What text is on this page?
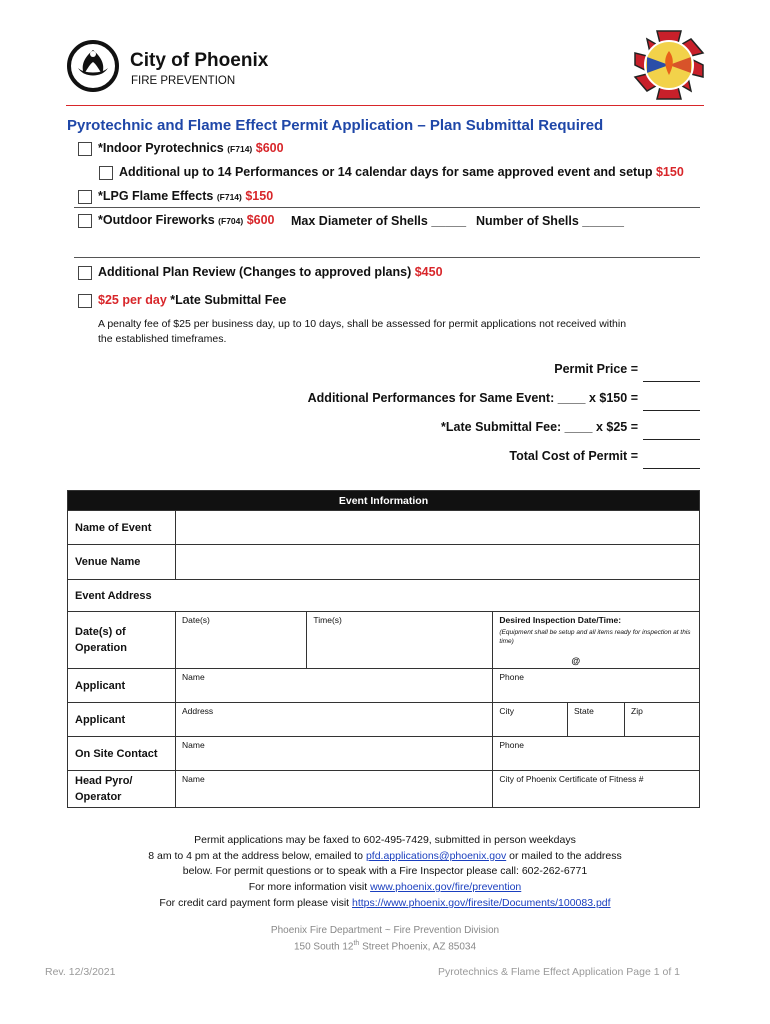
City of Phoenix
FIRE PREVENTION
Pyrotechnic and Flame Effect Permit Application – Plan Submittal Required
*Indoor Pyrotechnics (F714) $600
Additional up to 14 Performances or 14 calendar days for same approved event and setup $150
*LPG Flame Effects (F714) $150
*Outdoor Fireworks (F704) $600 Max Diameter of Shells _____ Number of Shells ______
Additional Plan Review (Changes to approved plans) $450
$25 per day *Late Submittal Fee
A penalty fee of $25 per business day, up to 10 days, shall be assessed for permit applications not received within
the established timeframes.
Permit Price =
Additional Performances for Same Event: ____ x $150 =
*Late Submittal Fee: ____ x $25 =
Total Cost of Permit =
Event Information					
Name of Event					
Venue Name					
Event Address					
Date(s) of Operation	Date(s)	Time(s)	Desired Inspection Date/Time:
(Equipment shall be setup and all items ready for inspection at this time)
@		

Applicant	Name		Phone		

Applicant	Address		City	State	Zip

On Site Contact	Name		Phone		

Head Pyro/ Operator	Name		City of Phoenix Certificate of Fitness #		
Permit applications may be faxed to 602-495-7429, submitted in person weekdays
8 am to 4 pm at the address below, emailed to pfd.applications@phoenix.gov or mailed to the address
below. For permit questions or to speak with a Fire Inspector please call: 602-262-6771
For more information visit www.phoenix.gov/fire/prevention
For credit card payment form please visit https://www.phoenix.gov/firesite/Documents/100083.pdf
Phoenix Fire Department ~ Fire Prevention Division
150 South 12th Street Phoenix, AZ 85034
Rev. 12/3/2021	Pyrotechnics & Flame Effect Application Page 1 of 1
